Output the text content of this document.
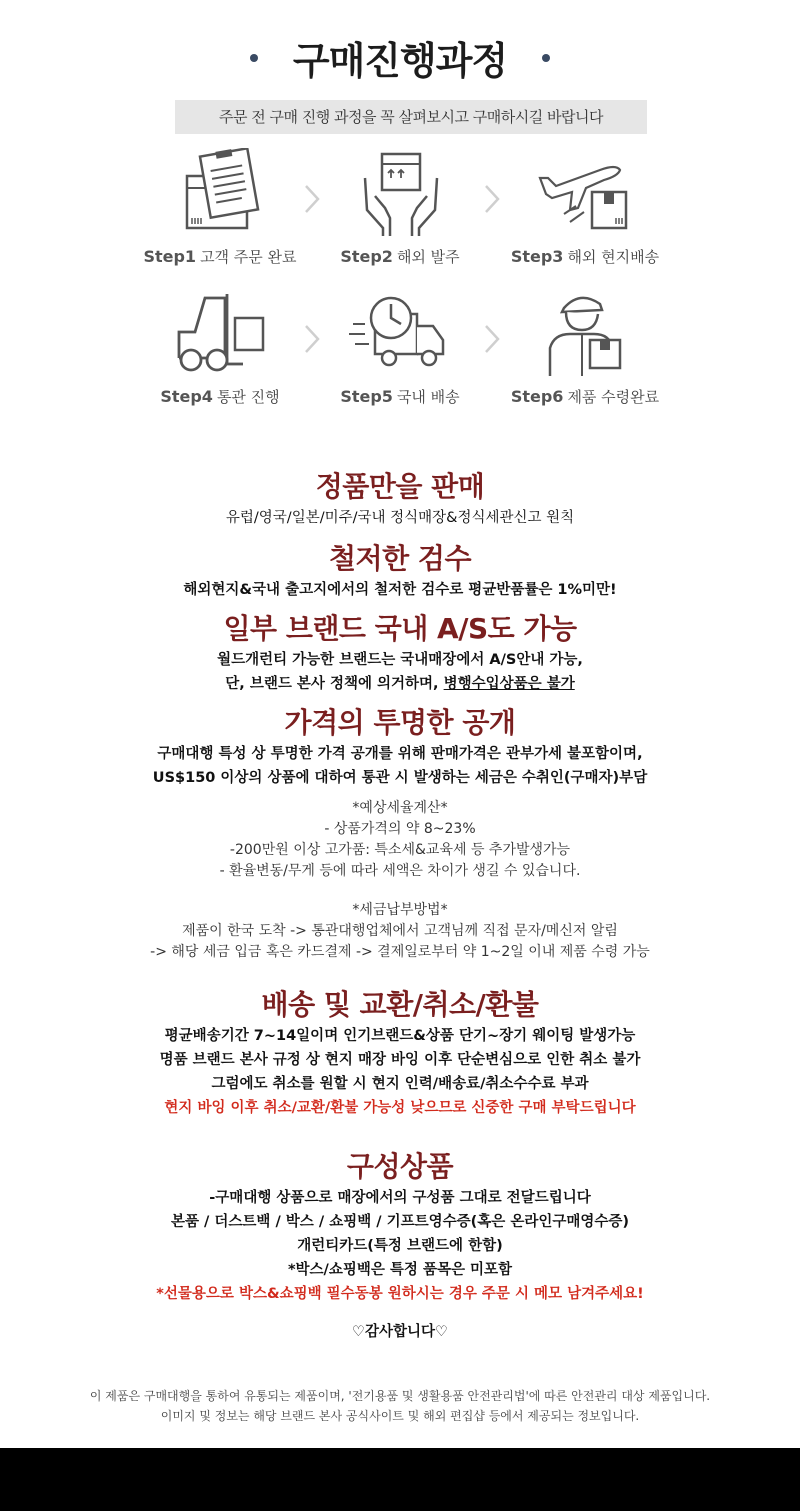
구매진행과정
주문 전 구매 진행 과정을 꼭 살펴보시고 구매하시길 바랍니다
Step1 고객 주문 완료	Step2 해외 발주	Step3 해외 현지배송
Step4 통관 진행	Step5 국내 배송	Step6 제품 수령완료
정품만을 판매
유럽/영국/일본/미주/국내 정식매장&정식세관신고 원칙
철저한 검수
해외현지&국내 출고지에서의 철저한 검수로 평균반품률은 1%미만!
일부 브랜드 국내 A/S도 가능
월드개런티 가능한 브랜드는 국내매장에서 A/S안내 가능,
단, 브랜드 본사 정책에 의거하며, 병행수입상품은 불가
가격의 투명한 공개
구매대행 특성 상 투명한 가격 공개를 위해 판매가격은 관부가세 불포함이며,
US$150 이상의 상품에 대하여 통관 시 발생하는 세금은 수취인(구매자)부담
*예상세율계산*
- 상품가격의 약 8~23%
-200만원 이상 고가품: 특소세&교육세 등 추가발생가능
- 환율변동/무게 등에 따라 세액은 차이가 생길 수 있습니다.
*세금납부방법*
제품이 한국 도착 -> 통관대행업체에서 고객님께 직접 문자/메신저 알림
-> 해당 세금 입금 혹은 카드결제 -> 결제일로부터 약 1~2일 이내 제품 수령 가능
배송 및 교환/취소/환불
평균배송기간 7~14일이며 인기브랜드&상품 단기~장기 웨이팅 발생가능
명품 브랜드 본사 규정 상 현지 매장 바잉 이후 단순변심으로 인한 취소 불가
그럼에도 취소를 원할 시 현지 인력/배송료/취소수수료 부과
현지 바잉 이후 취소/교환/환불 가능성 낮으므로 신중한 구매 부탁드립니다
구성상품
-구매대행 상품으로 매장에서의 구성품 그대로 전달드립니다
본품 / 더스트백 / 박스 / 쇼핑백 / 기프트영수증(혹은 온라인구매영수증)
개런티카드(특정 브랜드에 한함)
*박스/쇼핑백은 특정 품목은 미포함
*선물용으로 박스&쇼핑백 필수동봉 원하시는 경우 주문 시 메모 남겨주세요!
♡감사합니다♡
이 제품은 구매대행을 통하여 유통되는 제품이며, '전기용품 및 생활용품 안전관리법'에 따른 안전관리 대상 제품입니다.
이미지 및 정보는 해당 브랜드 본사 공식사이트 및 해외 편집샵 등에서 제공되는 정보입니다.
